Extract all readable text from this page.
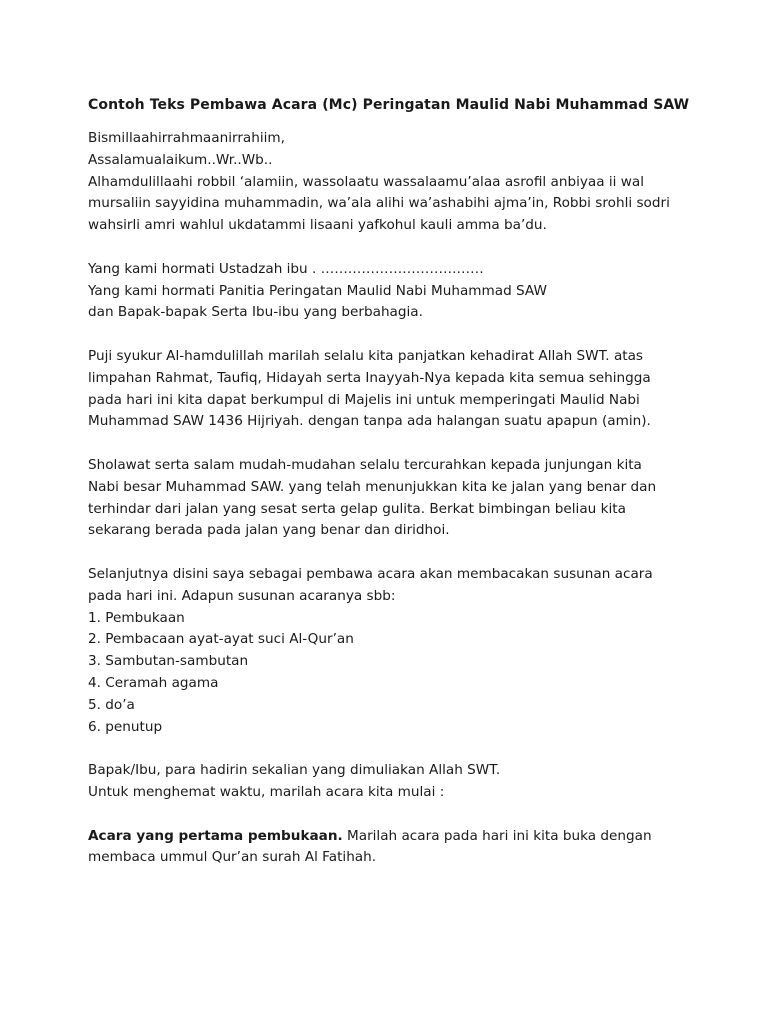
Contoh Teks Pembawa Acara (Mc) Peringatan Maulid Nabi Muhammad SAW
Bismillaahirrahmaanirrahiim,
Assalamualaikum..Wr..Wb..
Alhamdulillaahi robbil ‘alamiin, wassolaatu wassalaamu’alaa asrofil anbiyaa ii wal
mursaliin sayyidina muhammadin, wa’ala alihi wa’ashabihi ajma’in, Robbi srohli sodri
wahsirli amri wahlul ukdatammi lisaani yafkohul kauli amma ba’du.
Yang kami hormati Ustadzah ibu . ………………………………
Yang kami hormati Panitia Peringatan Maulid Nabi Muhammad SAW
dan Bapak-bapak Serta Ibu-ibu yang berbahagia.
Puji syukur Al-hamdulillah marilah selalu kita panjatkan kehadirat Allah SWT. atas
limpahan Rahmat, Taufiq, Hidayah serta Inayyah-Nya kepada kita semua sehingga
pada hari ini kita dapat berkumpul di Majelis ini untuk memperingati Maulid Nabi
Muhammad SAW 1436 Hijriyah. dengan tanpa ada halangan suatu apapun (amin).
Sholawat serta salam mudah-mudahan selalu tercurahkan kepada junjungan kita
Nabi besar Muhammad SAW. yang telah menunjukkan kita ke jalan yang benar dan
terhindar dari jalan yang sesat serta gelap gulita. Berkat bimbingan beliau kita
sekarang berada pada jalan yang benar dan diridhoi.
Selanjutnya disini saya sebagai pembawa acara akan membacakan susunan acara
pada hari ini. Adapun susunan acaranya sbb:
1. Pembukaan
2. Pembacaan ayat-ayat suci Al-Qur’an
3. Sambutan-sambutan
4. Ceramah agama
5. do’a
6. penutup
Bapak/Ibu, para hadirin sekalian yang dimuliakan Allah SWT.
Untuk menghemat waktu, marilah acara kita mulai :
Acara yang pertama pembukaan. Marilah acara pada hari ini kita buka dengan
membaca ummul Qur’an surah Al Fatihah.
